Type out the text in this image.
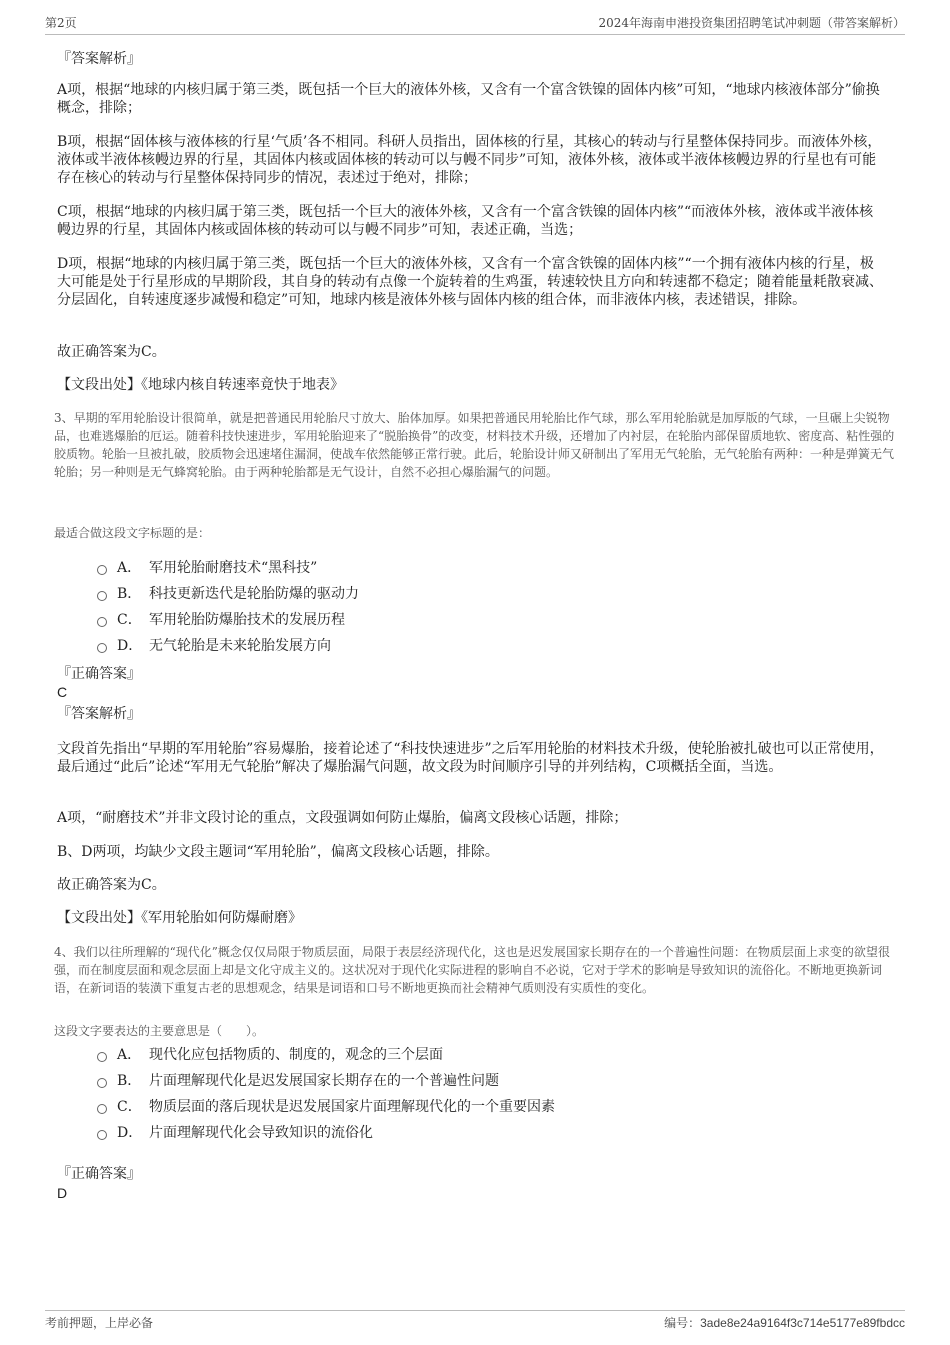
第2页	2024年海南申港投资集团招聘笔试冲刺题（带答案解析）

『答案解析』

A项，根据“地球的内核归属于第三类，既包括一个巨大的液体外核，又含有一个富含铁镍的固体内核”可知，“地球内核液体部分”偷换概念，排除；

B项，根据“固体核与液体核的行星‘气质’各不相同。科研人员指出，固体核的行星，其核心的转动与行星整体保持同步。而液体外核，液体或半液体核幔边界的行星，其固体内核或固体核的转动可以与幔不同步”可知，液体外核，液体或半液体核幔边界的行星也有可能存在核心的转动与行星整体保持同步的情况，表述过于绝对，排除；

C项，根据“地球的内核归属于第三类，既包括一个巨大的液体外核，又含有一个富含铁镍的固体内核”“而液体外核，液体或半液体核幔边界的行星，其固体内核或固体核的转动可以与幔不同步”可知，表述正确，当选；

D项，根据“地球的内核归属于第三类，既包括一个巨大的液体外核，又含有一个富含铁镍的固体内核”“一个拥有液体内核的行星，极大可能是处于行星形成的早期阶段，其自身的转动有点像一个旋转着的生鸡蛋，转速较快且方向和转速都不稳定；随着能量耗散衰减、分层固化，自转速度逐步减慢和稳定”可知，地球内核是液体外核与固体内核的组合体，而非液体内核，表述错误，排除。

故正确答案为C。

【文段出处】《地球内核自转速率竟快于地表》

3、早期的军用轮胎设计很简单，就是把普通民用轮胎尺寸放大、胎体加厚。如果把普通民用轮胎比作气球，那么军用轮胎就是加厚版的气球，一旦碾上尖锐物品，也难逃爆胎的厄运。随着科技快速进步，军用轮胎迎来了“脱胎换骨”的改变，材料技术升级，还增加了内衬层，在轮胎内部保留质地软、密度高、粘性强的胶质物。轮胎一旦被扎破，胶质物会迅速堵住漏洞，使战车依然能够正常行驶。此后，轮胎设计师又研制出了军用无气轮胎，无气轮胎有两种：一种是弹簧无气轮胎；另一种则是无气蜂窝轮胎。由于两种轮胎都是无气设计，自然不必担心爆胎漏气的问题。

最适合做这段文字标题的是：

A． 军用轮胎耐磨技术“黑科技”
B． 科技更新迭代是轮胎防爆的驱动力
C． 军用轮胎防爆胎技术的发展历程
D． 无气轮胎是未来轮胎发展方向

『正确答案』

C

『答案解析』

文段首先指出“早期的军用轮胎”容易爆胎，接着论述了“科技快速进步”之后军用轮胎的材料技术升级，使轮胎被扎破也可以正常使用，最后通过“此后”论述“军用无气轮胎”解决了爆胎漏气问题，故文段为时间顺序引导的并列结构，C项概括全面，当选。

A项，“耐磨技术”并非文段讨论的重点，文段强调如何防止爆胎，偏离文段核心话题，排除；

B、D两项，均缺少文段主题词“军用轮胎”，偏离文段核心话题，排除。

故正确答案为C。

【文段出处】《军用轮胎如何防爆耐磨》

4、我们以往所理解的“现代化”概念仅仅局限于物质层面，局限于表层经济现代化，这也是迟发展国家长期存在的一个普遍性问题：在物质层面上求变的欲望很强，而在制度层面和观念层面上却是文化守成主义的。这状况对于现代化实际进程的影响自不必说，它对于学术的影响是导致知识的流俗化。不断地更换新词语，在新词语的装潢下重复古老的思想观念，结果是词语和口号不断地更换而社会精神气质则没有实质性的变化。

这段文字要表达的主要意思是（　　）。

A． 现代化应包括物质的、制度的，观念的三个层面
B． 片面理解现代化是迟发展国家长期存在的一个普遍性问题
C． 物质层面的落后现状是迟发展国家片面理解现代化的一个重要因素
D． 片面理解现代化会导致知识的流俗化

『正确答案』

D

考前押题，上岸必备	编号：3ade8e24a9164f3c714e5177e89fbdcc
